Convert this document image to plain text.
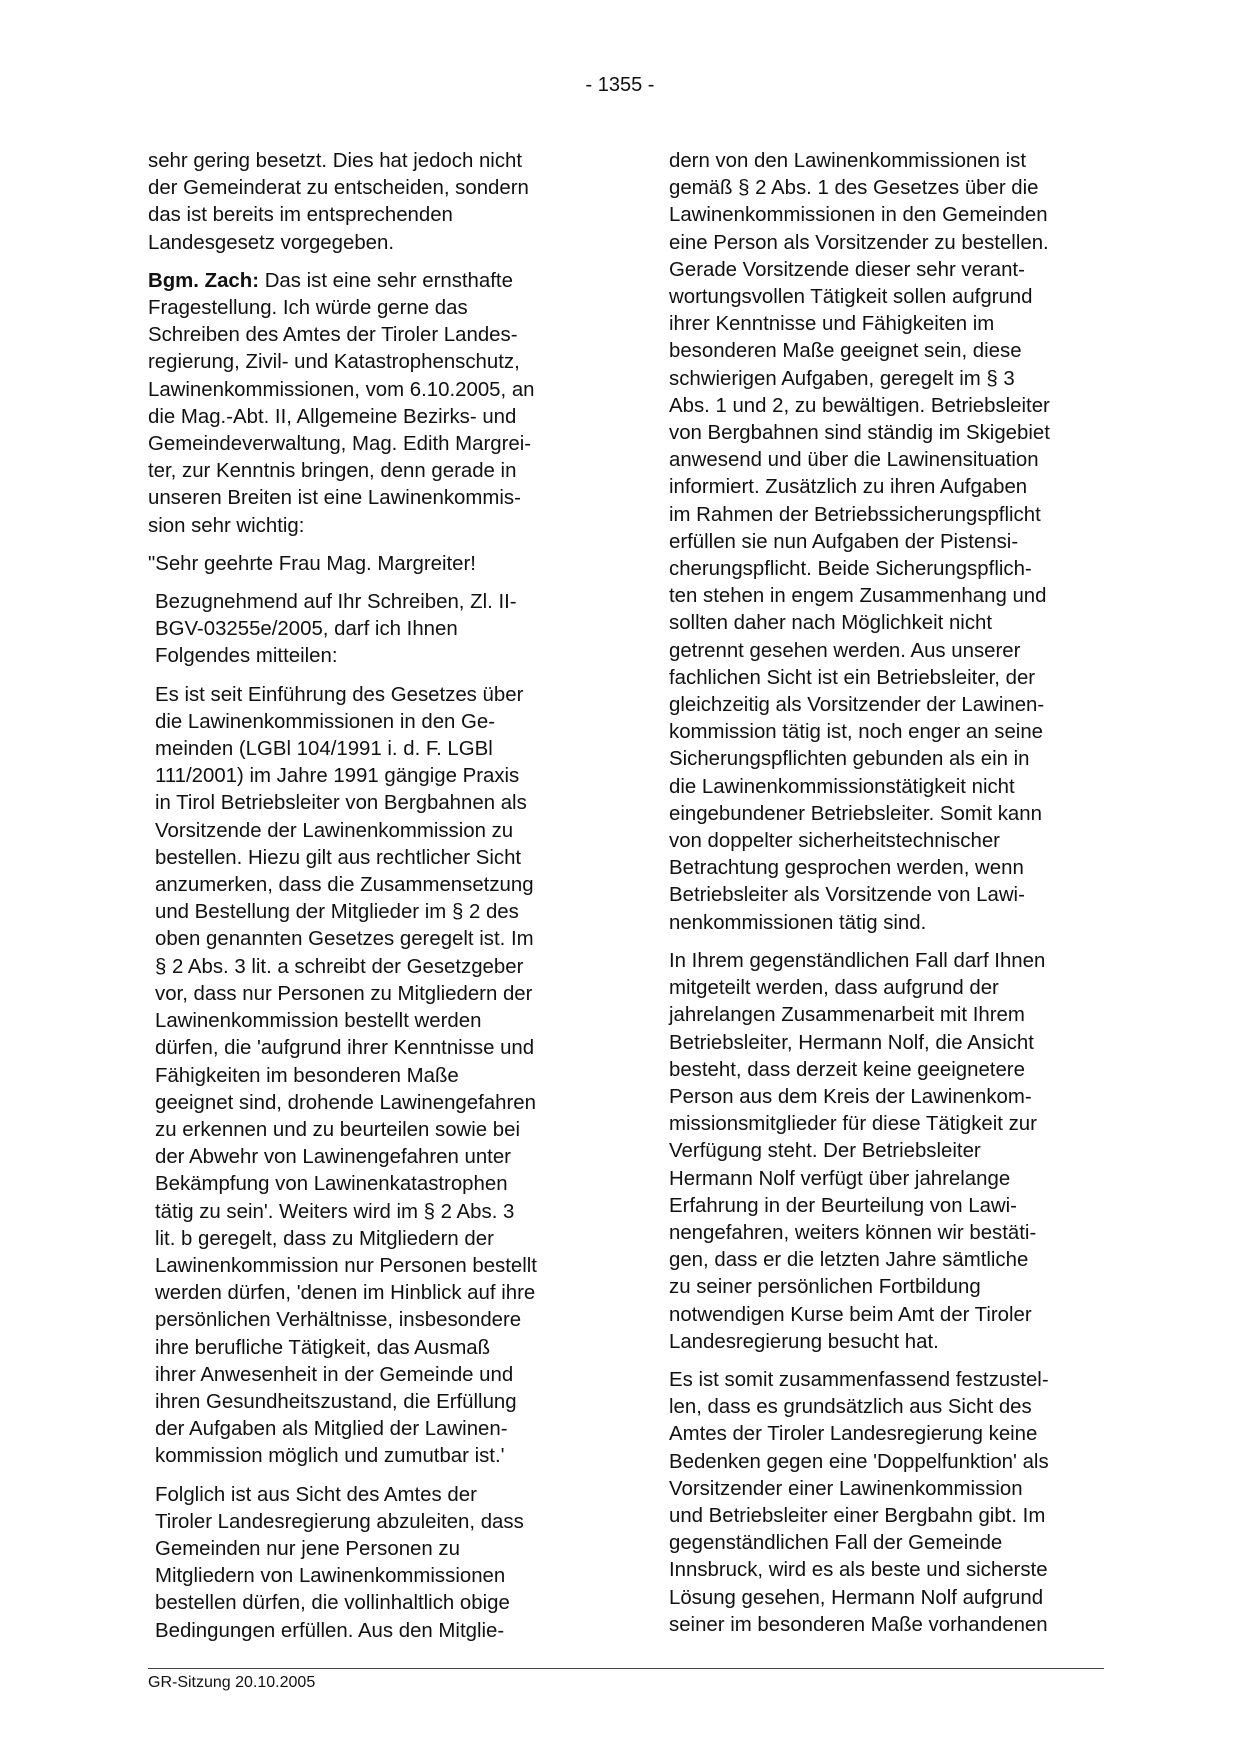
- 1355 -
sehr gering besetzt. Dies hat jedoch nicht
der Gemeinderat zu entscheiden, sondern
das ist bereits im entsprechenden
Landesgesetz vorgegeben.
Bgm. Zach: Das ist eine sehr ernsthafte
Fragestellung. Ich würde gerne das
Schreiben des Amtes der Tiroler Landes-
regierung, Zivil- und Katastrophenschutz,
Lawinenkommissionen, vom 6.10.2005, an
die Mag.-Abt. II, Allgemeine Bezirks- und
Gemeindeverwaltung, Mag. Edith Margrei-
ter, zur Kenntnis bringen, denn gerade in
unseren Breiten ist eine Lawinenkommis-
sion sehr wichtig:
"Sehr geehrte Frau Mag. Margreiter!
Bezugnehmend auf Ihr Schreiben, Zl. II-
BGV-03255e/2005, darf ich Ihnen
Folgendes mitteilen:
Es ist seit Einführung des Gesetzes über
die Lawinenkommissionen in den Ge-
meinden (LGBl 104/1991 i. d. F. LGBl
111/2001) im Jahre 1991 gängige Praxis
in Tirol Betriebsleiter von Bergbahnen als
Vorsitzende der Lawinenkommission zu
bestellen. Hiezu gilt aus rechtlicher Sicht
anzumerken, dass die Zusammensetzung
und Bestellung der Mitglieder im § 2 des
oben genannten Gesetzes geregelt ist. Im
§ 2 Abs. 3 lit. a schreibt der Gesetzgeber
vor, dass nur Personen zu Mitgliedern der
Lawinenkommission bestellt werden
dürfen, die 'aufgrund ihrer Kenntnisse und
Fähigkeiten im besonderen Maße
geeignet sind, drohende Lawinengefahren
zu erkennen und zu beurteilen sowie bei
der Abwehr von Lawinengefahren unter
Bekämpfung von Lawinenkatastrophen
tätig zu sein'. Weiters wird im § 2 Abs. 3
lit. b geregelt, dass zu Mitgliedern der
Lawinenkommission nur Personen bestellt
werden dürfen, 'denen im Hinblick auf ihre
persönlichen Verhältnisse, insbesondere
ihre berufliche Tätigkeit, das Ausmaß
ihrer Anwesenheit in der Gemeinde und
ihren Gesundheitszustand, die Erfüllung
der Aufgaben als Mitglied der Lawinen-
kommission möglich und zumutbar ist.'
Folglich ist aus Sicht des Amtes der
Tiroler Landesregierung abzuleiten, dass
Gemeinden nur jene Personen zu
Mitgliedern von Lawinenkommissionen
bestellen dürfen, die vollinhaltlich obige
Bedingungen erfüllen. Aus den Mitglie-
dern von den Lawinenkommissionen ist
gemäß § 2 Abs. 1 des Gesetzes über die
Lawinenkommissionen in den Gemeinden
eine Person als Vorsitzender zu bestellen.
Gerade Vorsitzende dieser sehr verant-
wortungsvollen Tätigkeit sollen aufgrund
ihrer Kenntnisse und Fähigkeiten im
besonderen Maße geeignet sein, diese
schwierigen Aufgaben, geregelt im § 3
Abs. 1 und 2, zu bewältigen. Betriebsleiter
von Bergbahnen sind ständig im Skigebiet
anwesend und über die Lawinensituation
informiert. Zusätzlich zu ihren Aufgaben
im Rahmen der Betriebssicherungspflicht
erfüllen sie nun Aufgaben der Pistensi-
cherungspflicht. Beide Sicherungspflich-
ten stehen in engem Zusammenhang und
sollten daher nach Möglichkeit nicht
getrennt gesehen werden. Aus unserer
fachlichen Sicht ist ein Betriebsleiter, der
gleichzeitig als Vorsitzender der Lawinen-
kommission tätig ist, noch enger an seine
Sicherungspflichten gebunden als ein in
die Lawinenkommissionstätigkeit nicht
eingebundener Betriebsleiter. Somit kann
von doppelter sicherheitstechnischer
Betrachtung gesprochen werden, wenn
Betriebsleiter als Vorsitzende von Lawi-
nenkommissionen tätig sind.
In Ihrem gegenständlichen Fall darf Ihnen
mitgeteilt werden, dass aufgrund der
jahrelangen Zusammenarbeit mit Ihrem
Betriebsleiter, Hermann Nolf, die Ansicht
besteht, dass derzeit keine geeignetere
Person aus dem Kreis der Lawinenkom-
missionsmitglieder für diese Tätigkeit zur
Verfügung steht. Der Betriebsleiter
Hermann Nolf verfügt über jahrelange
Erfahrung in der Beurteilung von Lawi-
nengefahren, weiters können wir bestäti-
gen, dass er die letzten Jahre sämtliche
zu seiner persönlichen Fortbildung
notwendigen Kurse beim Amt der Tiroler
Landesregierung besucht hat.
Es ist somit zusammenfassend festzustel-
len, dass es grundsätzlich aus Sicht des
Amtes der Tiroler Landesregierung keine
Bedenken gegen eine 'Doppelfunktion' als
Vorsitzender einer Lawinenkommission
und Betriebsleiter einer Bergbahn gibt. Im
gegenständlichen Fall der Gemeinde
Innsbruck, wird es als beste und sicherste
Lösung gesehen, Hermann Nolf aufgrund
seiner im besonderen Maße vorhandenen
GR-Sitzung 20.10.2005
